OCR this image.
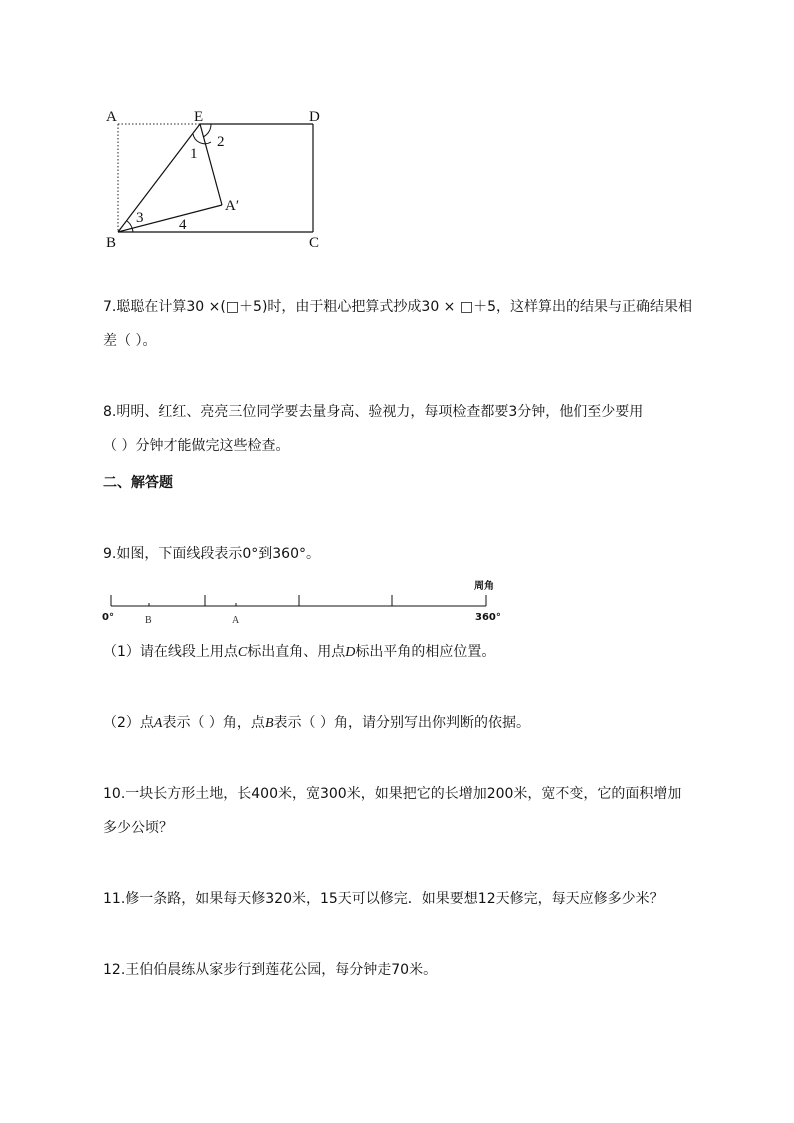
A	E	D
B	C
A′
1
2
3 4
7.聪聪在计算30 ×(□＋5)时，由于粗心把算式抄成30 × □＋5，这样算出的结果与正确结果相
差（ ）。
8.明明、红红、亮亮三位同学要去量身高、验视力，每项检查都要3分钟，他们至少要用
（ ）分钟才能做完这些检查。
二、解答题
9.如图，下面线段表示0°到360°。
0°	360°
周角
B	A
（1）请在线段上用点C标出直角、用点D标出平角的相应位置。
（2）点A表示（ ）角，点B表示（ ）角，请分别写出你判断的依据。
10.一块长方形土地，长400米，宽300米，如果把它的长增加200米，宽不变，它的面积增加
多少公顷？
11.修一条路，如果每天修320米，15天可以修完．如果要想12天修完，每天应修多少米？
12.王伯伯晨练从家步行到莲花公园，每分钟走70米。
